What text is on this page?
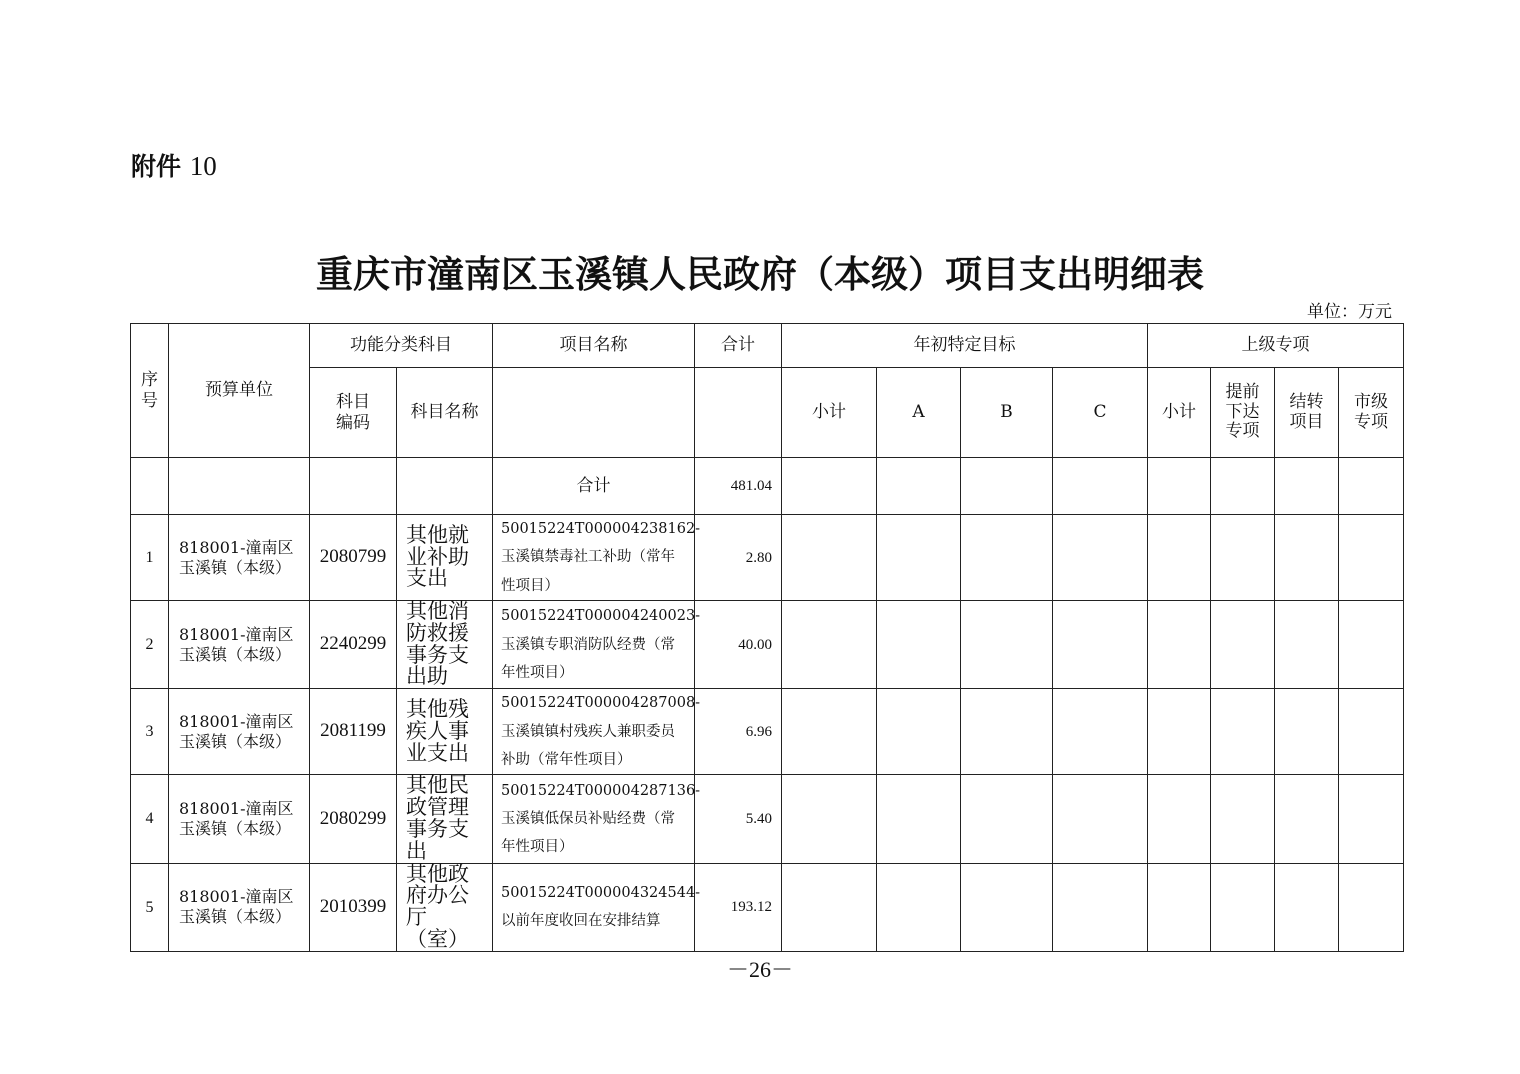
附件 10
重庆市潼南区玉溪镇人民政府（本级）项目支出明细表
单位：万元
序号	预算单位	功能分类科目		项目名称	合计	年初特定目标				上级专项			

		科目编码	科目名称			小计	A	B	C	小计	提前下达专项	结转项目	市级专项

				合计	481.04								
1	818001-潼南区玉溪镇（本级）	2080799	其他就业补助支出	50015224T000004238162-玉溪镇禁毒社工补助（常年性项目）	2.80								
2	818001-潼南区玉溪镇（本级）	2240299	其他消防救援事务支出助	50015224T000004240023-玉溪镇专职消防队经费（常年性项目）	40.00								
3	818001-潼南区玉溪镇（本级）	2081199	其他残疾人事业支出	50015224T000004287008-玉溪镇镇村残疾人兼职委员补助（常年性项目）	6.96								
4	818001-潼南区玉溪镇（本级）	2080299	其他民政管理事务支出	50015224T000004287136-玉溪镇低保员补贴经费（常年性项目）	5.40								
5	818001-潼南区玉溪镇（本级）	2010399	其他政府办公厅（室）	50015224T000004324544-以前年度收回在安排结算	193.12								
－26－
